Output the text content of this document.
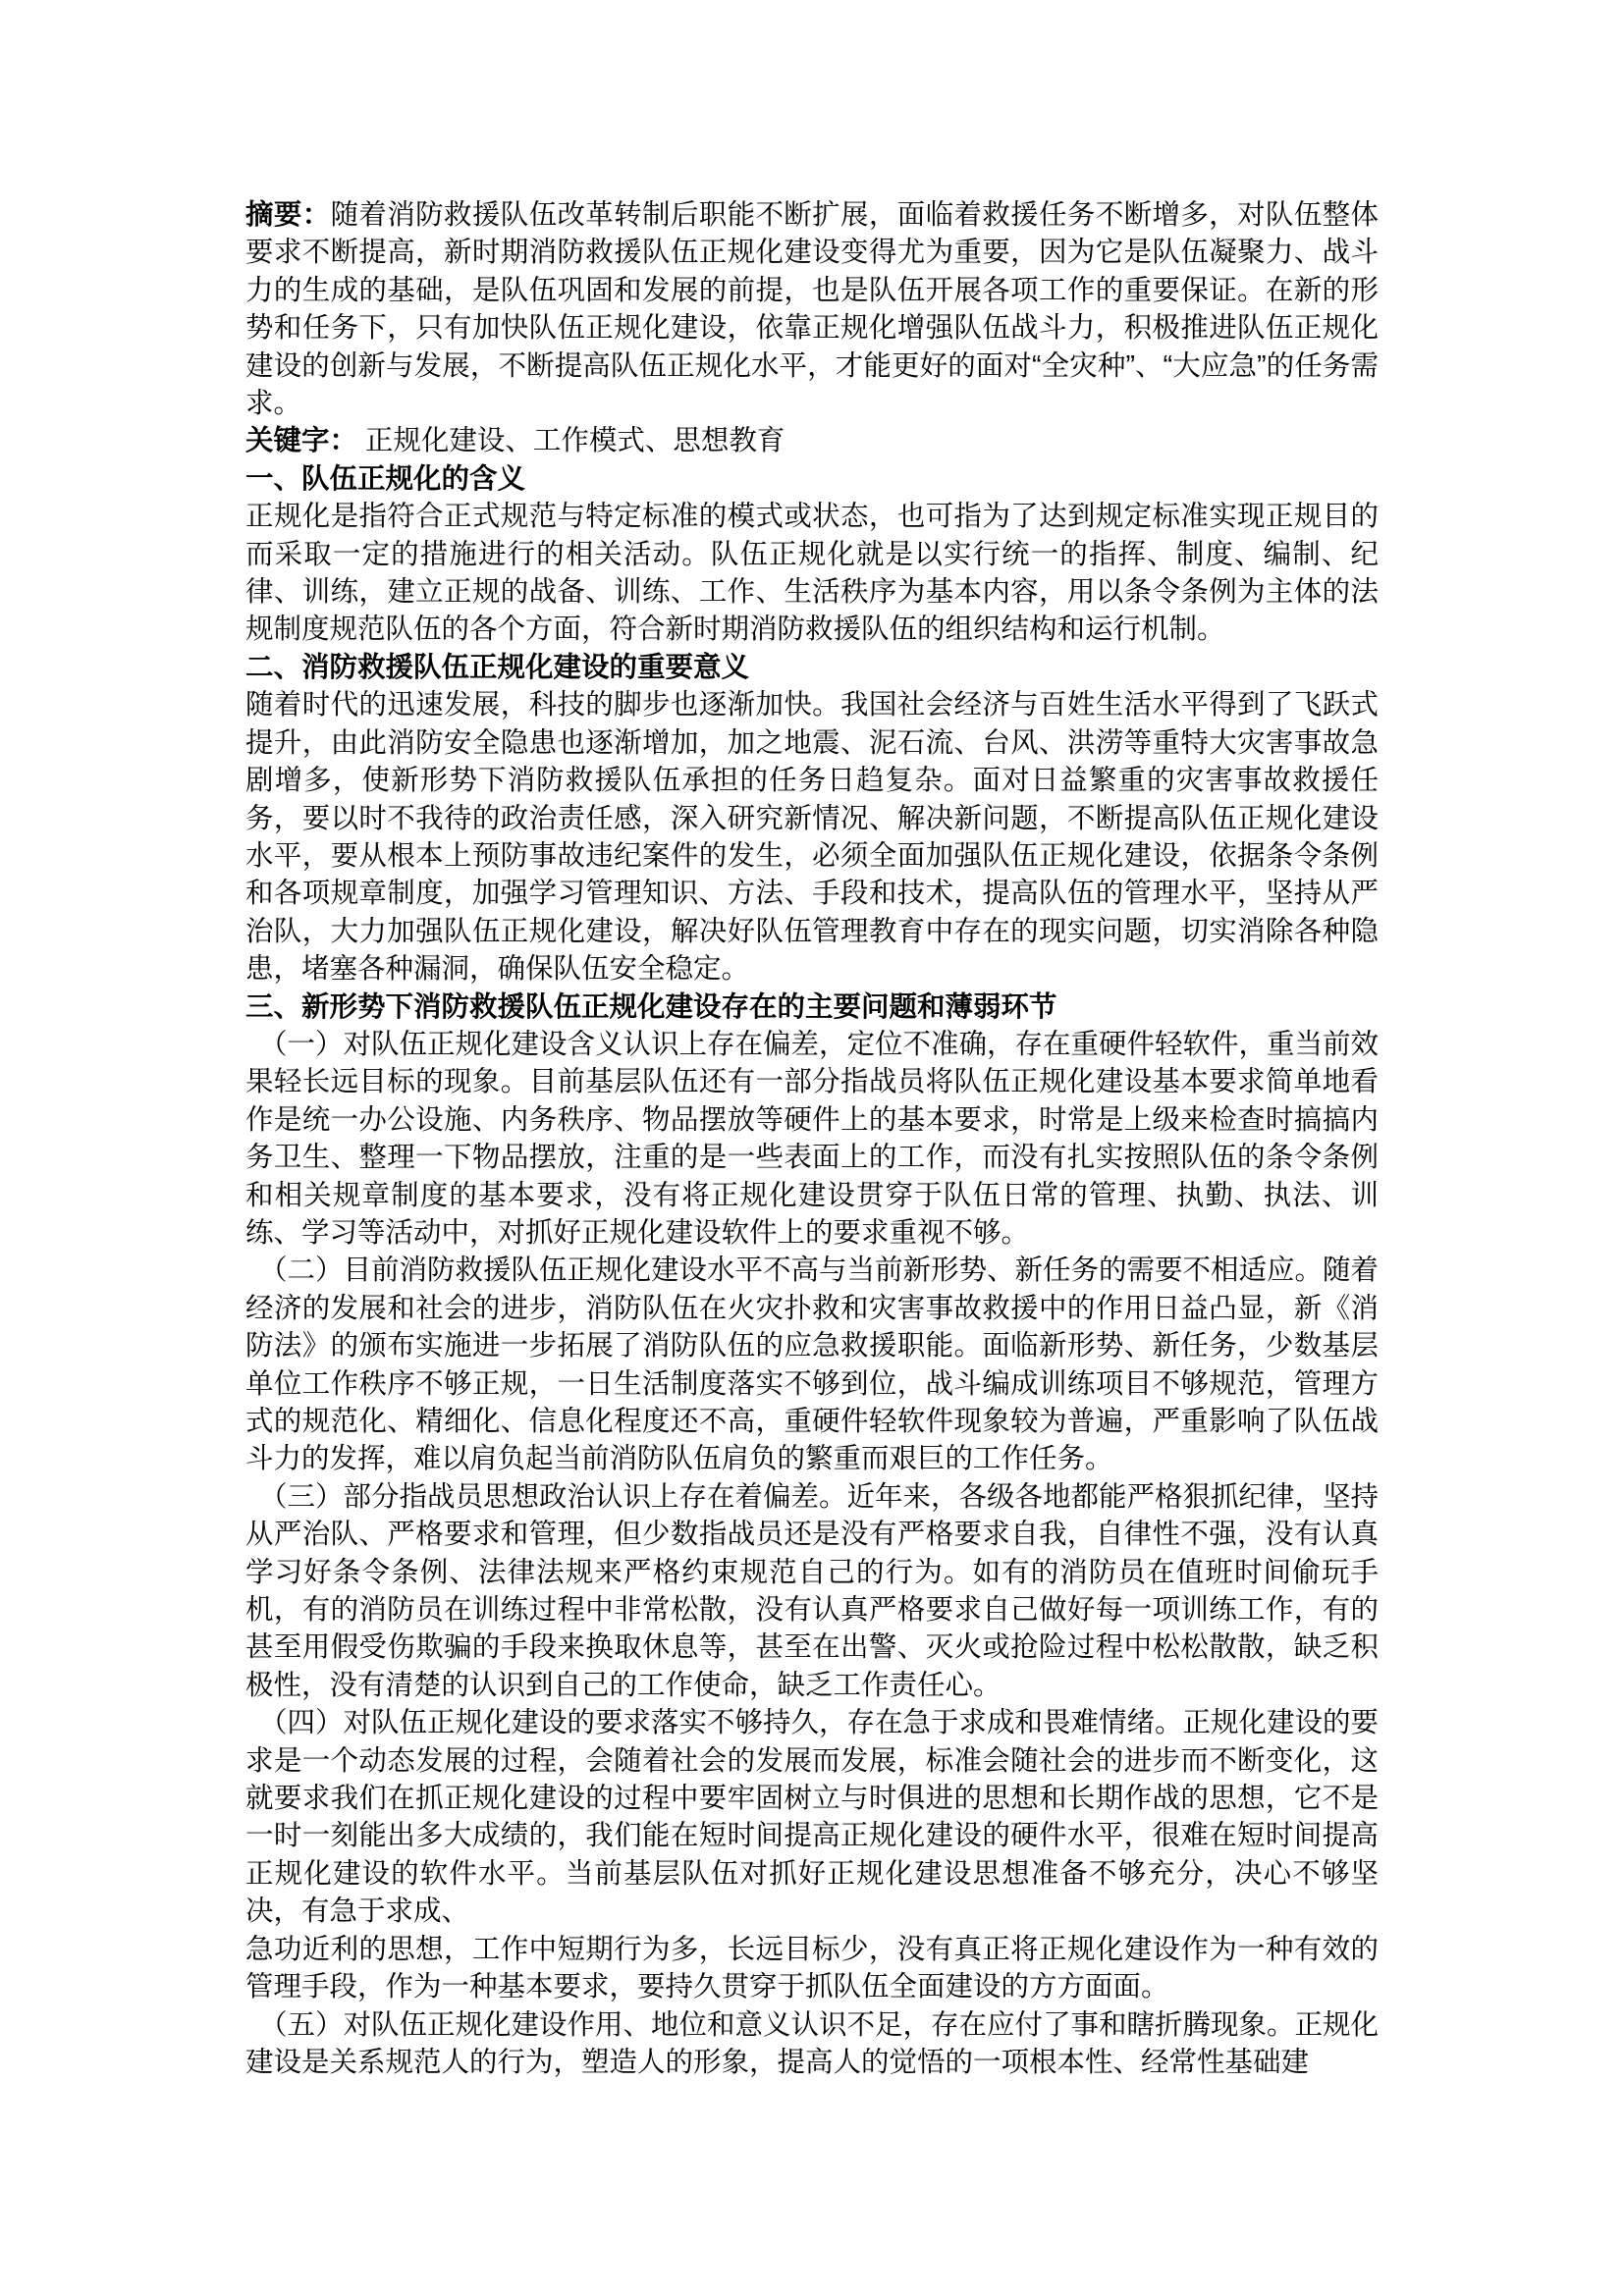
摘要：随着消防救援队伍改革转制后职能不断扩展，面临着救援任务不断增多，对队伍整体要求不断提高，新时期消防救援队伍正规化建设变得尤为重要，因为它是队伍凝聚力、战斗力的生成的基础，是队伍巩固和发展的前提，也是队伍开展各项工作的重要保证。在新的形势和任务下，只有加快队伍正规化建设，依靠正规化增强队伍战斗力，积极推进队伍正规化建设的创新与发展，不断提高队伍正规化水平，才能更好的面对“全灾种”、“大应急”的任务需求。

关键字： 正规化建设、工作模式、思想教育

一、队伍正规化的含义

正规化是指符合正式规范与特定标准的模式或状态，也可指为了达到规定标准实现正规目的而采取一定的措施进行的相关活动。队伍正规化就是以实行统一的指挥、制度、编制、纪律、训练，建立正规的战备、训练、工作、生活秩序为基本内容，用以条令条例为主体的法规制度规范队伍的各个方面，符合新时期消防救援队伍的组织结构和运行机制。

二、消防救援队伍正规化建设的重要意义

随着时代的迅速发展，科技的脚步也逐渐加快。我国社会经济与百姓生活水平得到了飞跃式提升，由此消防安全隐患也逐渐增加，加之地震、泥石流、台风、洪涝等重特大灾害事故急剧增多，使新形势下消防救援队伍承担的任务日趋复杂。面对日益繁重的灾害事故救援任务，要以时不我待的政治责任感，深入研究新情况、解决新问题，不断提高队伍正规化建设水平，要从根本上预防事故违纪案件的发生，必须全面加强队伍正规化建设，依据条令条例和各项规章制度，加强学习管理知识、方法、手段和技术，提高队伍的管理水平，坚持从严治队，大力加强队伍正规化建设，解决好队伍管理教育中存在的现实问题，切实消除各种隐患，堵塞各种漏洞，确保队伍安全稳定。

三、新形势下消防救援队伍正规化建设存在的主要问题和薄弱环节

（一）对队伍正规化建设含义认识上存在偏差，定位不准确，存在重硬件轻软件，重当前效果轻长远目标的现象。目前基层队伍还有一部分指战员将队伍正规化建设基本要求简单地看作是统一办公设施、内务秩序、物品摆放等硬件上的基本要求，时常是上级来检查时搞搞内务卫生、整理一下物品摆放，注重的是一些表面上的工作，而没有扎实按照队伍的条令条例和相关规章制度的基本要求，没有将正规化建设贯穿于队伍日常的管理、执勤、执法、训练、学习等活动中，对抓好正规化建设软件上的要求重视不够。

（二）目前消防救援队伍正规化建设水平不高与当前新形势、新任务的需要不相适应。随着经济的发展和社会的进步，消防队伍在火灾扑救和灾害事故救援中的作用日益凸显，新《消防法》的颁布实施进一步拓展了消防队伍的应急救援职能。面临新形势、新任务，少数基层单位工作秩序不够正规，一日生活制度落实不够到位，战斗编成训练项目不够规范，管理方式的规范化、精细化、信息化程度还不高，重硬件轻软件现象较为普遍，严重影响了队伍战斗力的发挥，难以肩负起当前消防队伍肩负的繁重而艰巨的工作任务。

（三）部分指战员思想政治认识上存在着偏差。近年来，各级各地都能严格狠抓纪律，坚持从严治队、严格要求和管理，但少数指战员还是没有严格要求自我，自律性不强，没有认真学习好条令条例、法律法规来严格约束规范自己的行为。如有的消防员在值班时间偷玩手机，有的消防员在训练过程中非常松散，没有认真严格要求自己做好每一项训练工作，有的甚至用假受伤欺骗的手段来换取休息等，甚至在出警、灭火或抢险过程中松松散散，缺乏积极性，没有清楚的认识到自己的工作使命，缺乏工作责任心。

（四）对队伍正规化建设的要求落实不够持久，存在急于求成和畏难情绪。正规化建设的要求是一个动态发展的过程，会随着社会的发展而发展，标准会随社会的进步而不断变化，这就要求我们在抓正规化建设的过程中要牢固树立与时俱进的思想和长期作战的思想，它不是一时一刻能出多大成绩的，我们能在短时间提高正规化建设的硬件水平，很难在短时间提高正规化建设的软件水平。当前基层队伍对抓好正规化建设思想准备不够充分，决心不够坚决，有急于求成、

急功近利的思想，工作中短期行为多，长远目标少，没有真正将正规化建设作为一种有效的管理手段，作为一种基本要求，要持久贯穿于抓队伍全面建设的方方面面。

（五）对队伍正规化建设作用、地位和意义认识不足，存在应付了事和瞎折腾现象。正规化建设是关系规范人的行为，塑造人的形象，提高人的觉悟的一项根本性、经常性基础建
